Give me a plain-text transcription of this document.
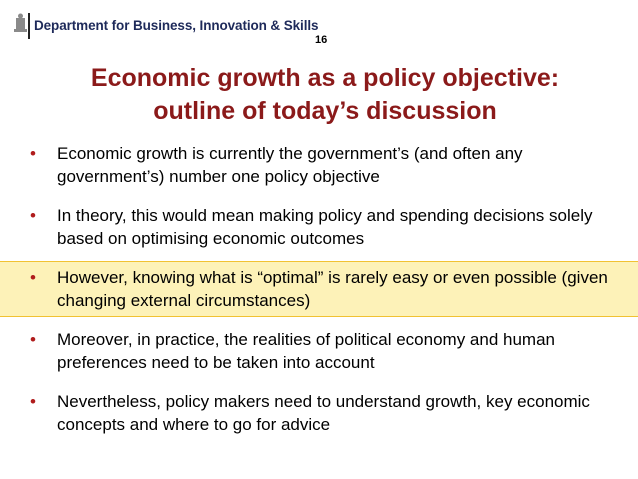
Department for Business, Innovation & Skills
16
Economic growth as a policy objective:
outline of today’s discussion
• Economic growth is currently the government’s (and often any government’s) number one policy objective
• In theory, this would mean making policy and spending decisions solely based on optimising economic outcomes
• However, knowing what is “optimal” is rarely easy or even possible (given changing external circumstances)
• Moreover, in practice, the realities of political economy and human preferences need to be taken into account
• Nevertheless, policy makers need to understand growth, key economic concepts and where to go for advice
